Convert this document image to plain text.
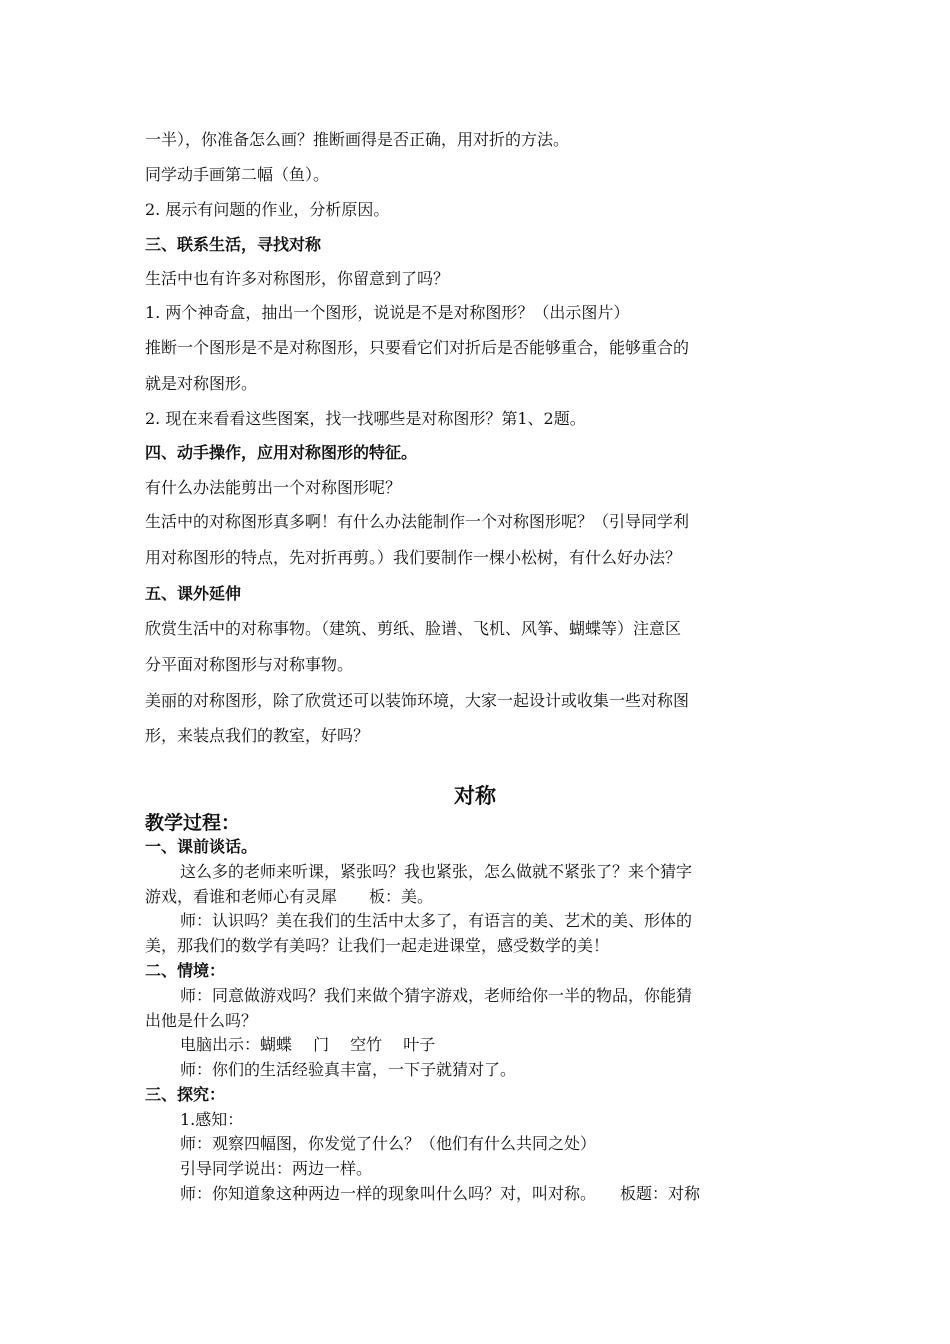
一半），你准备怎么画？推断画得是否正确，用对折的方法。

同学动手画第二幅（鱼）。

2. 展示有问题的作业，分析原因。

三、联系生活，寻找对称

生活中也有许多对称图形，你留意到了吗？

1. 两个神奇盒，抽出一个图形，说说是不是对称图形？（出示图片）

推断一个图形是不是对称图形，只要看它们对折后是否能够重合，能够重合的

就是对称图形。

2. 现在来看看这些图案，找一找哪些是对称图形？第1、2题。

四、动手操作，应用对称图形的特征。

有什么办法能剪出一个对称图形呢？

生活中的对称图形真多啊！有什么办法能制作一个对称图形呢？（引导同学利

用对称图形的特点，先对折再剪。）我们要制作一棵小松树，有什么好办法？

五、课外延伸

欣赏生活中的对称事物。（建筑、剪纸、脸谱、飞机、风筝、蝴蝶等）注意区

分平面对称图形与对称事物。

美丽的对称图形，除了欣赏还可以装饰环境，大家一起设计或收集一些对称图

形，来装点我们的教室，好吗？

对称

教学过程：

一、课前谈话。

这么多的老师来听课，紧张吗？我也紧张，怎么做就不紧张了？来个猜字

游戏，看谁和老师心有灵犀　　板：美。

师：认识吗？美在我们的生活中太多了，有语言的美、艺术的美、形体的

美，那我们的数学有美吗？让我们一起走进课堂，感受数学的美！

二、情境：

师：同意做游戏吗？我们来做个猜字游戏，老师给你一半的物品，你能猜

出他是什么吗？

电脑出示：蝴蝶　 门　 空竹　 叶子

师：你们的生活经验真丰富，一下子就猜对了。

三、探究：

1.感知：

师：观察四幅图，你发觉了什么？（他们有什么共同之处）

引导同学说出：两边一样。

师：你知道象这种两边一样的现象叫什么吗？对，叫对称。　　板题：对称
